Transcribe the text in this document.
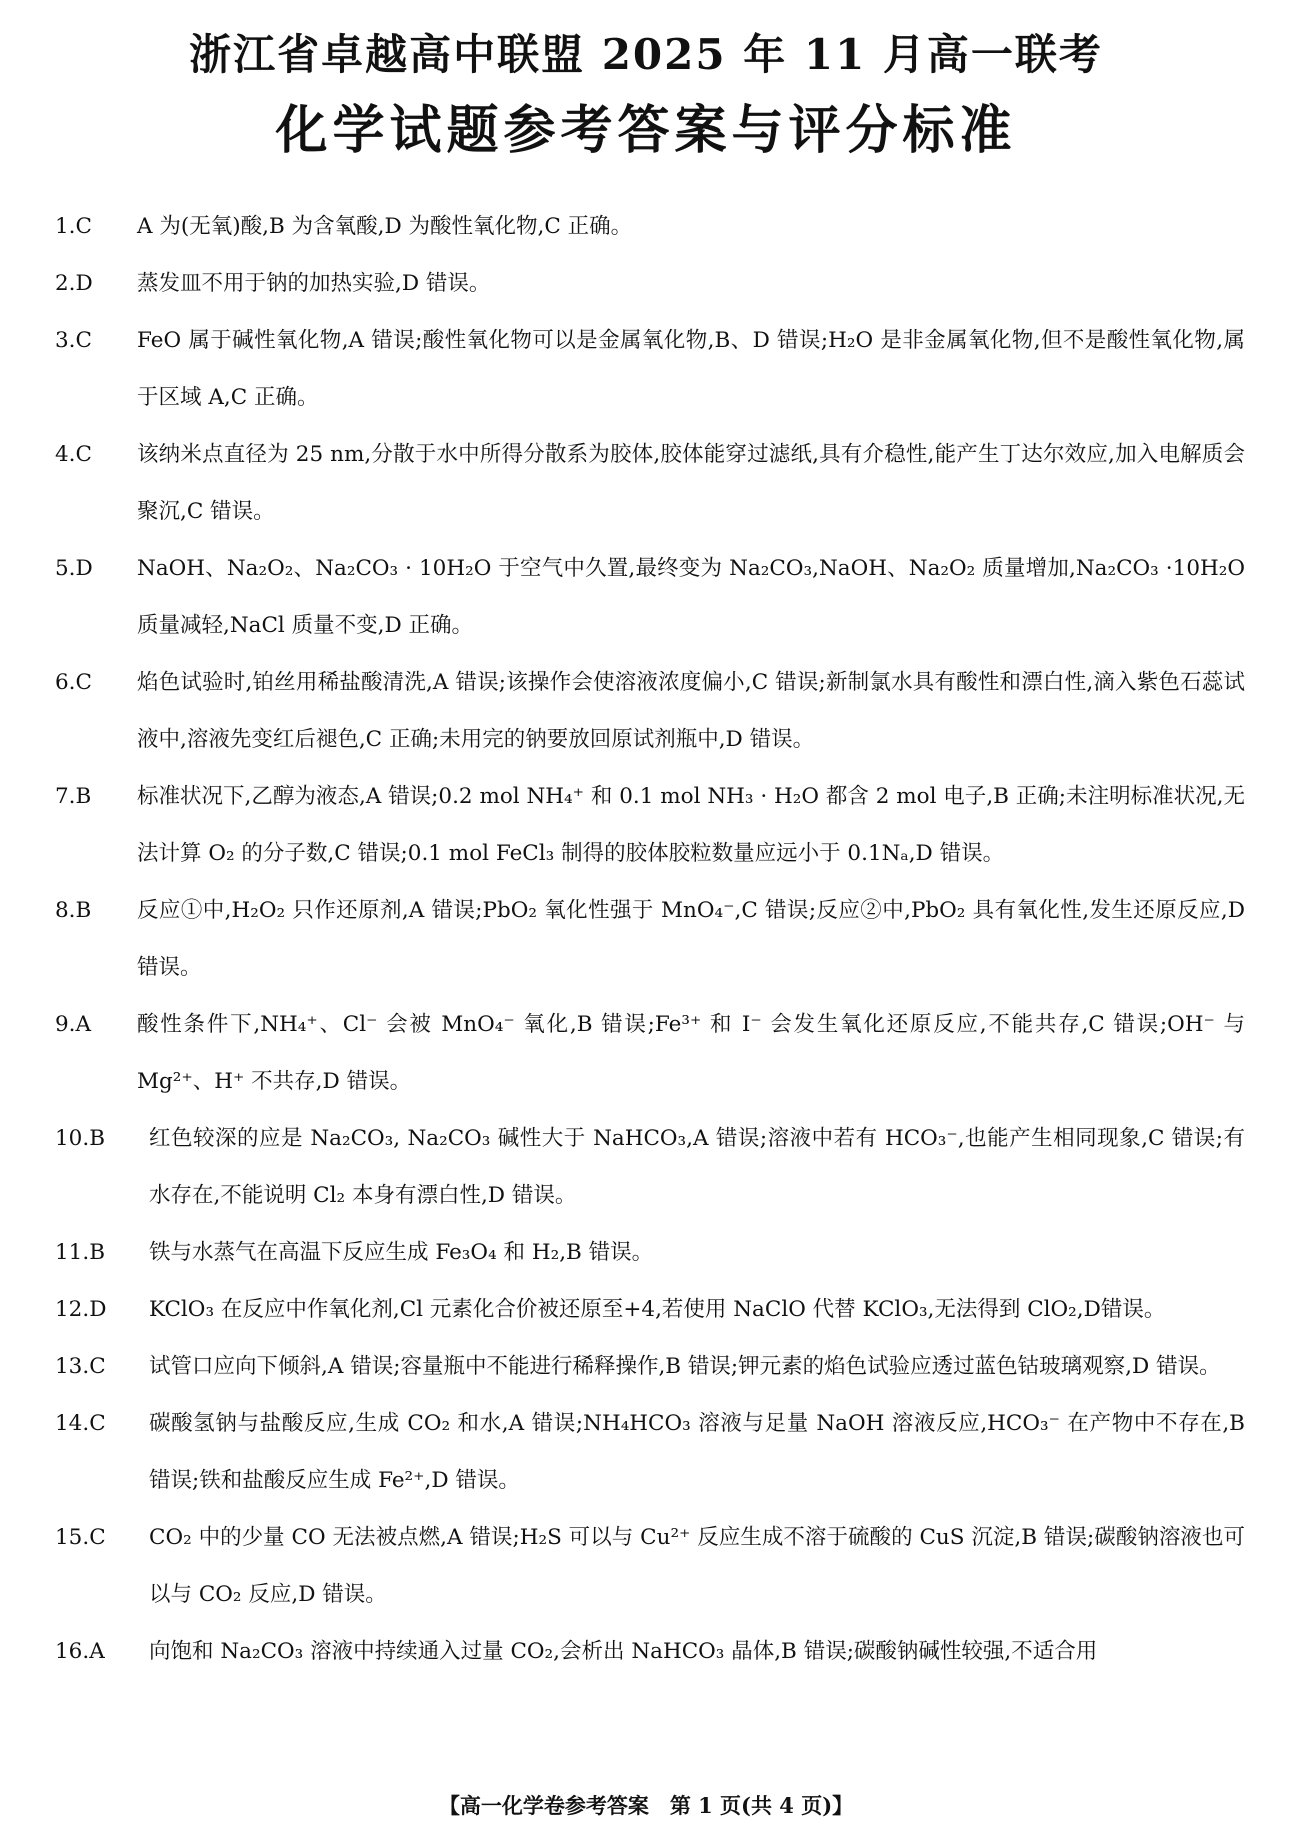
浙江省卓越高中联盟 2025 年 11 月高一联考
化学试题参考答案与评分标准
1.C A 为(无氧)酸,B 为含氧酸,D 为酸性氧化物,C 正确。

2.D 蒸发皿不用于钠的加热实验,D 错误。

3.C FeO 属于碱性氧化物,A 错误;酸性氧化物可以是金属氧化物,B、D 错误;H₂O 是非金属氧化物,但不是酸性氧化物,属于区域 A,C 正确。

4.C 该纳米点直径为 25 nm,分散于水中所得分散系为胶体,胶体能穿过滤纸,具有介稳性,能产生丁达尔效应,加入电解质会聚沉,C 错误。

5.D NaOH、Na₂O₂、Na₂CO₃ · 10H₂O 于空气中久置,最终变为 Na₂CO₃,NaOH、Na₂O₂ 质量增加,Na₂CO₃ ·10H₂O 质量减轻,NaCl 质量不变,D 正确。

6.C 焰色试验时,铂丝用稀盐酸清洗,A 错误;该操作会使溶液浓度偏小,C 错误;新制氯水具有酸性和漂白性,滴入紫色石蕊试液中,溶液先变红后褪色,C 正确;未用完的钠要放回原试剂瓶中,D 错误。

7.B 标准状况下,乙醇为液态,A 错误;0.2 mol NH₄⁺ 和 0.1 mol NH₃ · H₂O 都含 2 mol 电子,B 正确;未注明标准状况,无法计算 O₂ 的分子数,C 错误;0.1 mol FeCl₃ 制得的胶体胶粒数量应远小于 0.1Nₐ,D 错误。

8.B 反应①中,H₂O₂ 只作还原剂,A 错误;PbO₂ 氧化性强于 MnO₄⁻,C 错误;反应②中,PbO₂ 具有氧化性,发生还原反应,D 错误。

9.A 酸性条件下,NH₄⁺、Cl⁻ 会被 MnO₄⁻ 氧化,B 错误;Fe³⁺ 和 I⁻ 会发生氧化还原反应,不能共存,C 错误;OH⁻ 与 Mg²⁺、H⁺ 不共存,D 错误。

10.B 红色较深的应是 Na₂CO₃, Na₂CO₃ 碱性大于 NaHCO₃,A 错误;溶液中若有 HCO₃⁻,也能产生相同现象,C 错误;有水存在,不能说明 Cl₂ 本身有漂白性,D 错误。

11.B 铁与水蒸气在高温下反应生成 Fe₃O₄ 和 H₂,B 错误。

12.D KClO₃ 在反应中作氧化剂,Cl 元素化合价被还原至+4,若使用 NaClO 代替 KClO₃,无法得到 ClO₂,D错误。

13.C 试管口应向下倾斜,A 错误;容量瓶中不能进行稀释操作,B 错误;钾元素的焰色试验应透过蓝色钴玻璃观察,D 错误。

14.C 碳酸氢钠与盐酸反应,生成 CO₂ 和水,A 错误;NH₄HCO₃ 溶液与足量 NaOH 溶液反应,HCO₃⁻ 在产物中不存在,B 错误;铁和盐酸反应生成 Fe²⁺,D 错误。

15.C CO₂ 中的少量 CO 无法被点燃,A 错误;H₂S 可以与 Cu²⁺ 反应生成不溶于硫酸的 CuS 沉淀,B 错误;碳酸钠溶液也可以与 CO₂ 反应,D 错误。

16.A 向饱和 Na₂CO₃ 溶液中持续通入过量 CO₂,会析出 NaHCO₃ 晶体,B 错误;碳酸钠碱性较强,不适合用

【高一化学卷参考答案　第 1 页(共 4 页)】
